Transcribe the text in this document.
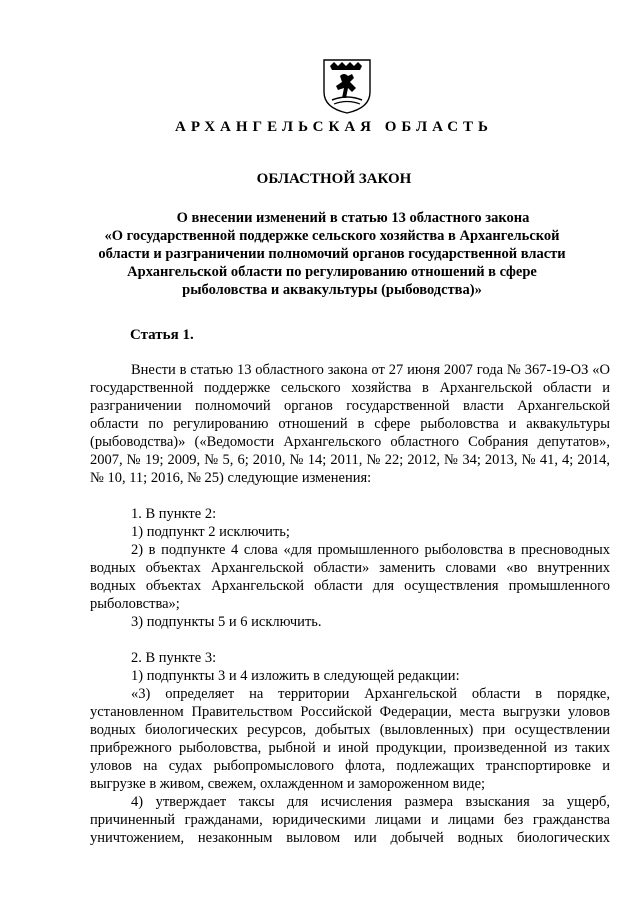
АРХАНГЕЛЬСКАЯ ОБЛАСТЬ
ОБЛАСТНОЙ ЗАКОН
О внесении изменений в статью 13 областного закона
«О государственной поддержке сельского хозяйства в Архангельской
области и разграничении полномочий органов государственной власти
Архангельской области по регулированию отношений в сфере
рыболовства и аквакультуры (рыбоводства)»
Статья 1.

Внести в статью 13 областного закона от 27 июня 2007 года № 367-19-ОЗ «О государственной поддержке сельского хозяйства в Архангельской области и разграничении полномочий органов государственной власти Архангельской области по регулированию отношений в сфере рыболовства и аквакультуры (рыбоводства)» («Ведомости Архангельского областного Собрания депутатов», 2007, № 19; 2009, № 5, 6; 2010, № 14; 2011, № 22; 2012, № 34; 2013, № 41, 4; 2014, № 10, 11; 2016, № 25) следующие изменения:

1. В пункте 2:

1) подпункт 2 исключить;

2) в подпункте 4 слова «для промышленного рыболовства в пресноводных водных объектах Архангельской области» заменить словами «во внутренних водных объектах Архангельской области для осуществления промышленного рыболовства»;

3) подпункты 5 и 6 исключить.

2. В пункте 3:

1) подпункты 3 и 4 изложить в следующей редакции:

«3) определяет на территории Архангельской области в порядке, установленном Правительством Российской Федерации, места выгрузки уловов водных биологических ресурсов, добытых (выловленных) при осуществлении прибрежного рыболовства, рыбной и иной продукции, произведенной из таких уловов на судах рыбопромыслового флота, подлежащих транспортировке и выгрузке в живом, свежем, охлажденном и замороженном виде;

4) утверждает таксы для исчисления размера взыскания за ущерб, причиненный гражданами, юридическими лицами и лицами без гражданства уничтожением, незаконным выловом или добычей водных биологических
